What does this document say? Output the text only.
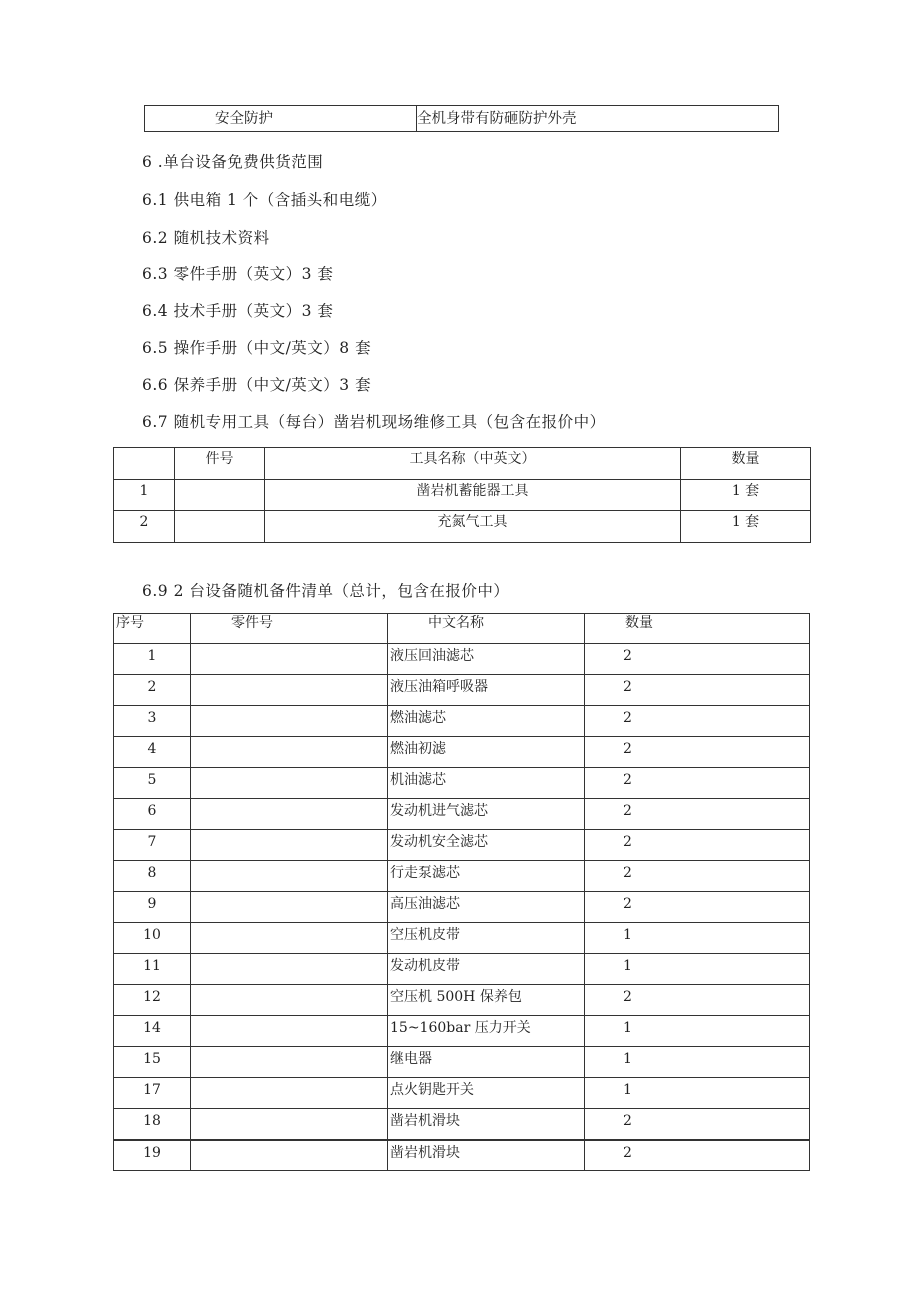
安全防护	全机身带有防砸防护外壳
6 .单台设备免费供货范围
6.1 供电箱 1 个（含插头和电缆）
6.2 随机技术资料
6.3 零件手册（英文）3 套
6.4 技术手册（英文）3 套
6.5 操作手册（中文/英文）8 套
6.6 保养手册（中文/英文）3 套
6.7 随机专用工具（每台）凿岩机现场维修工具（包含在报价中）
	件号	工具名称（中英文）	数量
1		凿岩机蓄能器工具	1 套
2		充氮气工具	1 套
6.9 2 台设备随机备件清单（总计，包含在报价中）
序号	零件号	中文名称	数量
1		液压回油滤芯	2
2		液压油箱呼吸器	2
3		燃油滤芯	2
4		燃油初滤	2
5		机油滤芯	2
6		发动机进气滤芯	2
7		发动机安全滤芯	2
8		行走泵滤芯	2
9		高压油滤芯	2
10		空压机皮带	1
11		发动机皮带	1
12		空压机 500H 保养包	2
14		15~160bar 压力开关	1
15		继电器	1
17		点火钥匙开关	1
18		凿岩机滑块	2
19		凿岩机滑块	2
